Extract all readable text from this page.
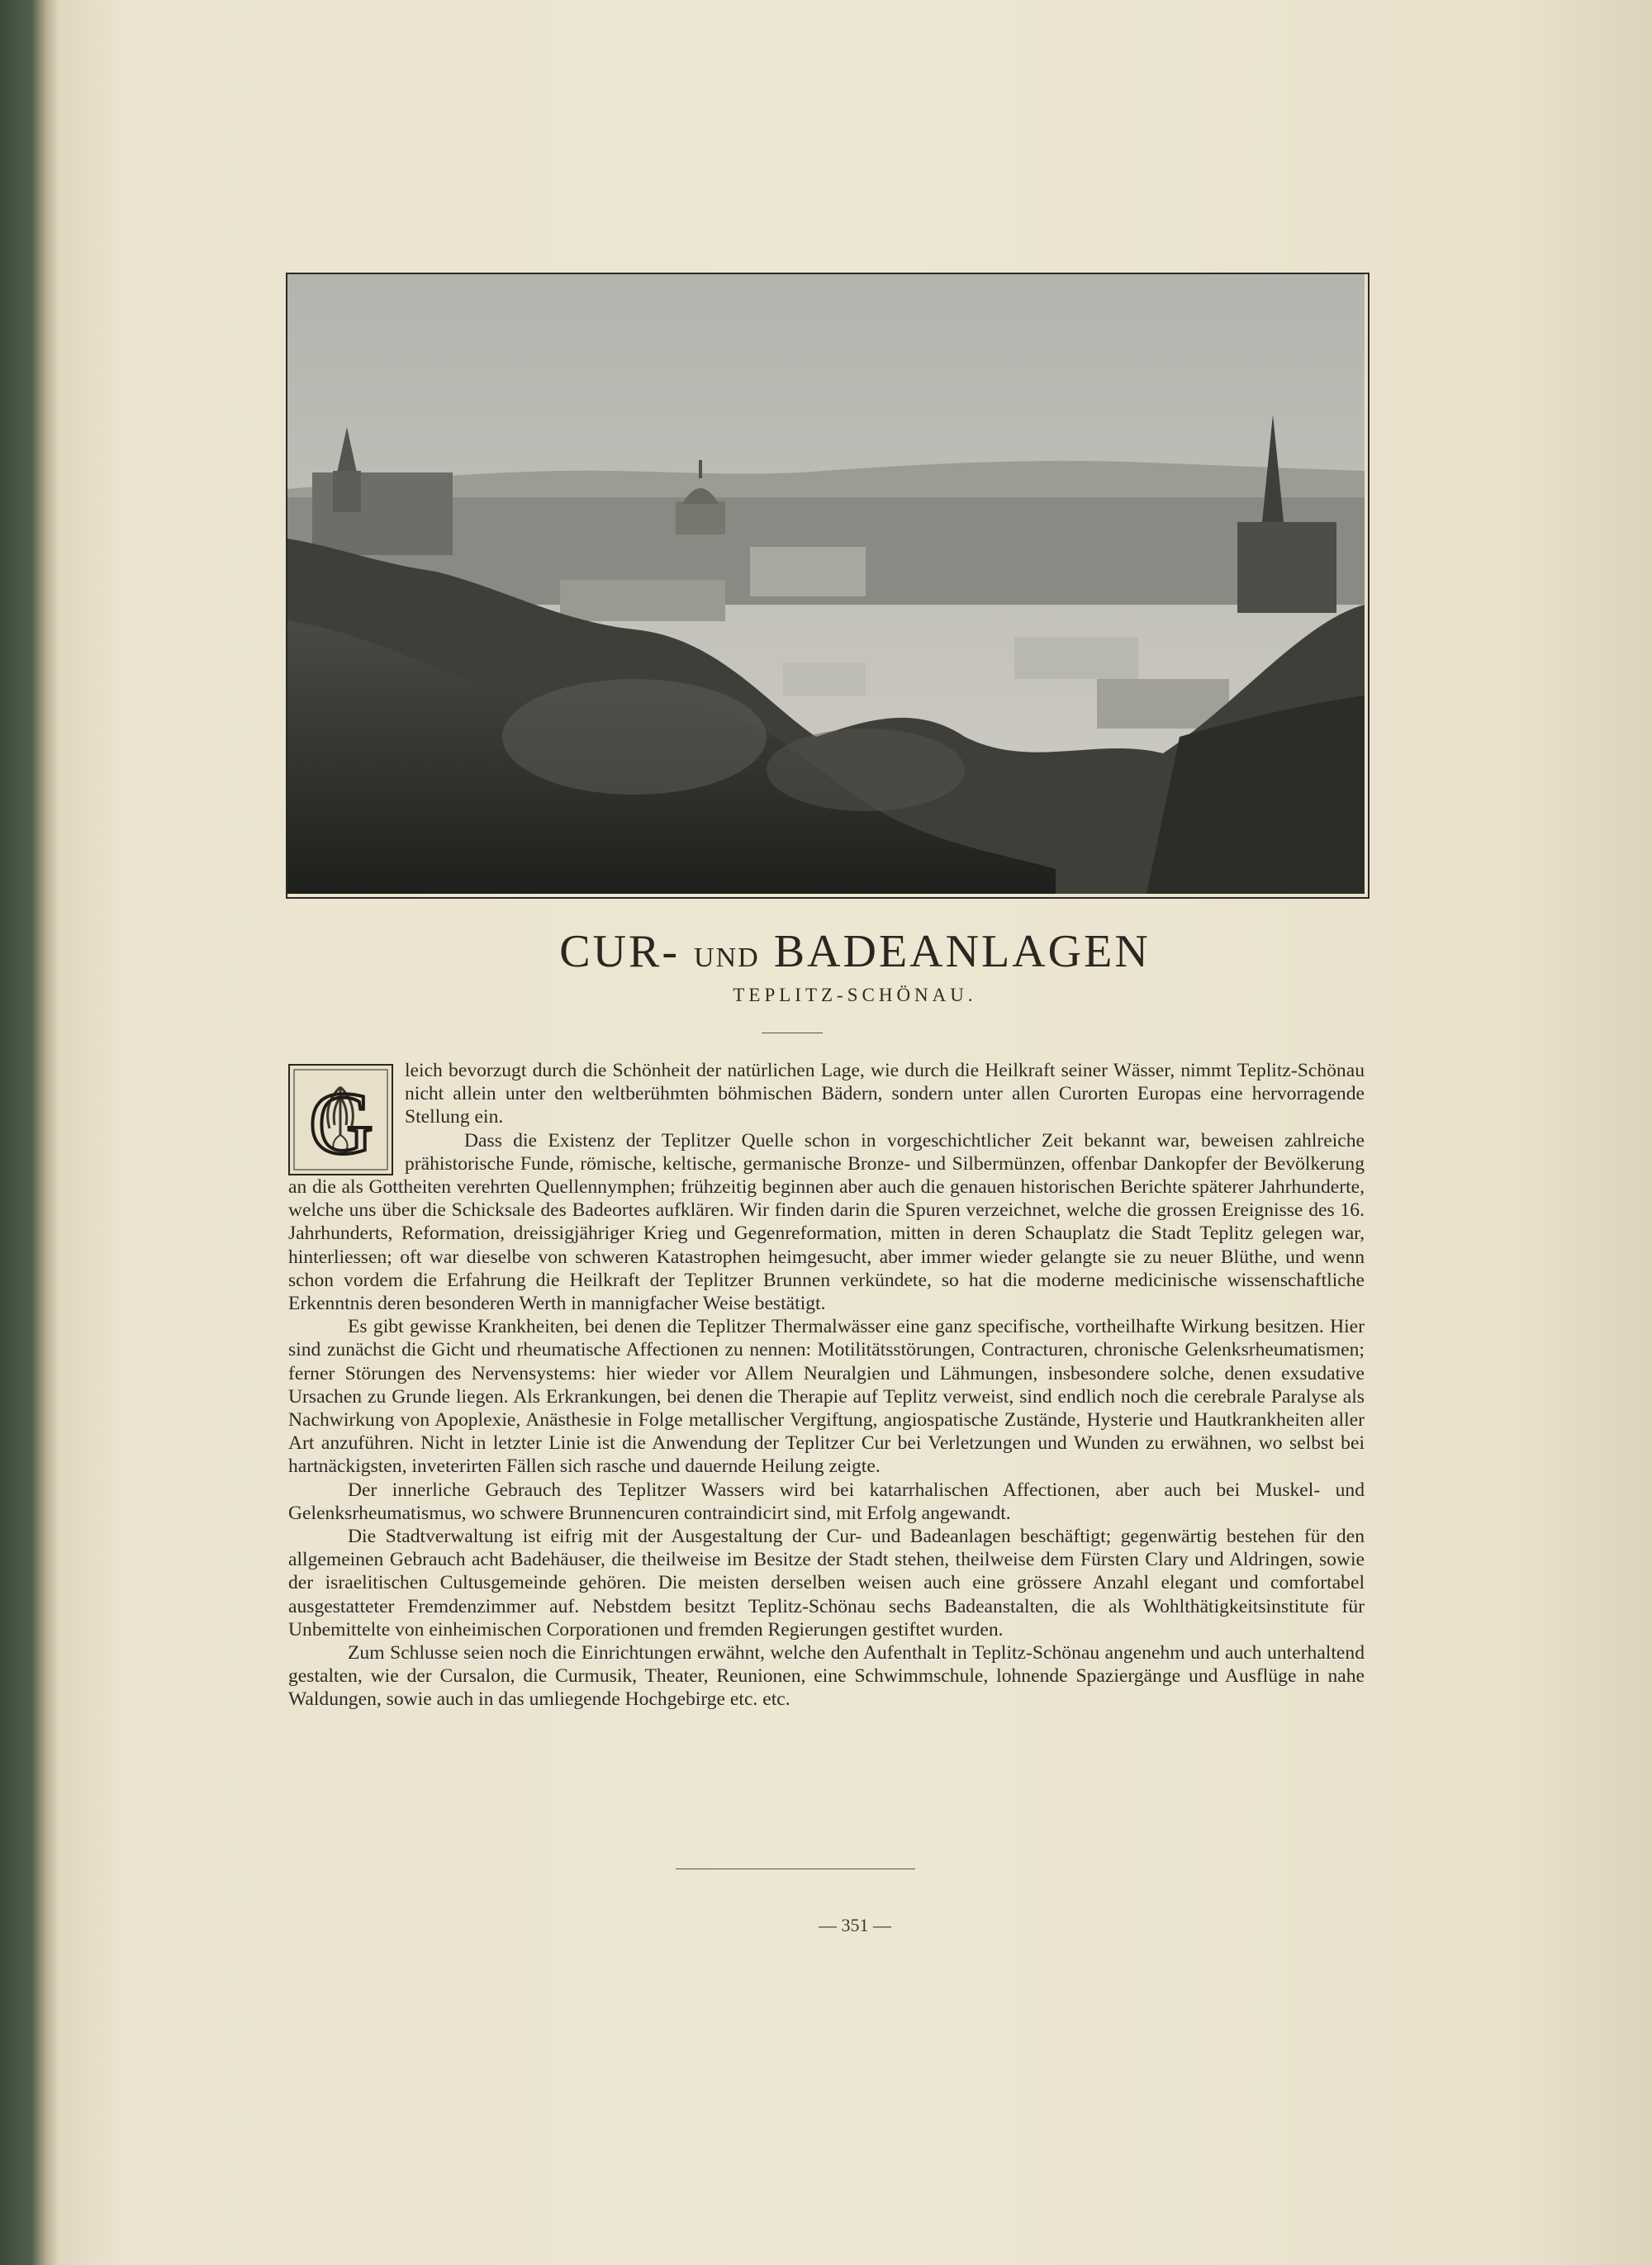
CUR- UND BADEANLAGEN
TEPLITZ-SCHÖNAU.
G

leich bevorzugt durch die Schönheit der natürlichen Lage, wie durch die Heilkraft seiner Wässer, nimmt Teplitz-Schönau nicht allein unter den weltberühmten böhmischen Bädern, sondern unter allen Curorten Europas eine hervorragende Stellung ein.

Dass die Existenz der Teplitzer Quelle schon in vorgeschichtlicher Zeit bekannt war, beweisen zahlreiche prähistorische Funde, römische, keltische, germanische Bronze- und Silbermünzen, offenbar Dankopfer der Bevölkerung an die als Gottheiten verehrten Quellennymphen; frühzeitig beginnen aber auch die genauen historischen Berichte späterer Jahrhunderte, welche uns über die Schicksale des Badeortes aufklären. Wir finden darin die Spuren verzeichnet, welche die grossen Ereignisse des 16. Jahrhunderts, Reformation, dreissigjähriger Krieg und Gegenreformation, mitten in deren Schauplatz die Stadt Teplitz gelegen war, hinterliessen; oft war dieselbe von schweren Katastrophen heimgesucht, aber immer wieder gelangte sie zu neuer Blüthe, und wenn schon vordem die Erfahrung die Heilkraft der Teplitzer Brunnen verkündete, so hat die moderne medicinische wissenschaftliche Erkenntnis deren besonderen Werth in mannigfacher Weise bestätigt.

Es gibt gewisse Krankheiten, bei denen die Teplitzer Thermalwässer eine ganz specifische, vortheilhafte Wirkung besitzen. Hier sind zunächst die Gicht und rheumatische Affectionen zu nennen: Motilitätsstörungen, Contracturen, chronische Gelenksrheumatismen; ferner Störungen des Nervensystems: hier wieder vor Allem Neuralgien und Lähmungen, insbesondere solche, denen exsudative Ursachen zu Grunde liegen. Als Erkrankungen, bei denen die Therapie auf Teplitz verweist, sind endlich noch die cerebrale Paralyse als Nachwirkung von Apoplexie, Anästhesie in Folge metallischer Vergiftung, angiospatische Zustände, Hysterie und Hautkrankheiten aller Art anzuführen. Nicht in letzter Linie ist die Anwendung der Teplitzer Cur bei Verletzungen und Wunden zu erwähnen, wo selbst bei hartnäckigsten, inveterirten Fällen sich rasche und dauernde Heilung zeigte.

Der innerliche Gebrauch des Teplitzer Wassers wird bei katarrhalischen Affectionen, aber auch bei Muskel- und Gelenksrheumatismus, wo schwere Brunnencuren contraindicirt sind, mit Erfolg angewandt.

Die Stadtverwaltung ist eifrig mit der Ausgestaltung der Cur- und Badeanlagen beschäftigt; gegenwärtig bestehen für den allgemeinen Gebrauch acht Badehäuser, die theilweise im Besitze der Stadt stehen, theilweise dem Fürsten Clary und Aldringen, sowie der israelitischen Cultusgemeinde gehören. Die meisten derselben weisen auch eine grössere Anzahl elegant und comfortabel ausgestatteter Fremdenzimmer auf. Nebstdem besitzt Teplitz-Schönau sechs Badeanstalten, die als Wohlthätigkeitsinstitute für Unbemittelte von einheimischen Corporationen und fremden Regierungen gestiftet wurden.

Zum Schlusse seien noch die Einrichtungen erwähnt, welche den Aufenthalt in Teplitz-Schönau angenehm und auch unterhaltend gestalten, wie der Cursalon, die Curmusik, Theater, Reunionen, eine Schwimmschule, lohnende Spaziergänge und Ausflüge in nahe Waldungen, sowie auch in das umliegende Hochgebirge etc. etc.

— 351 —
